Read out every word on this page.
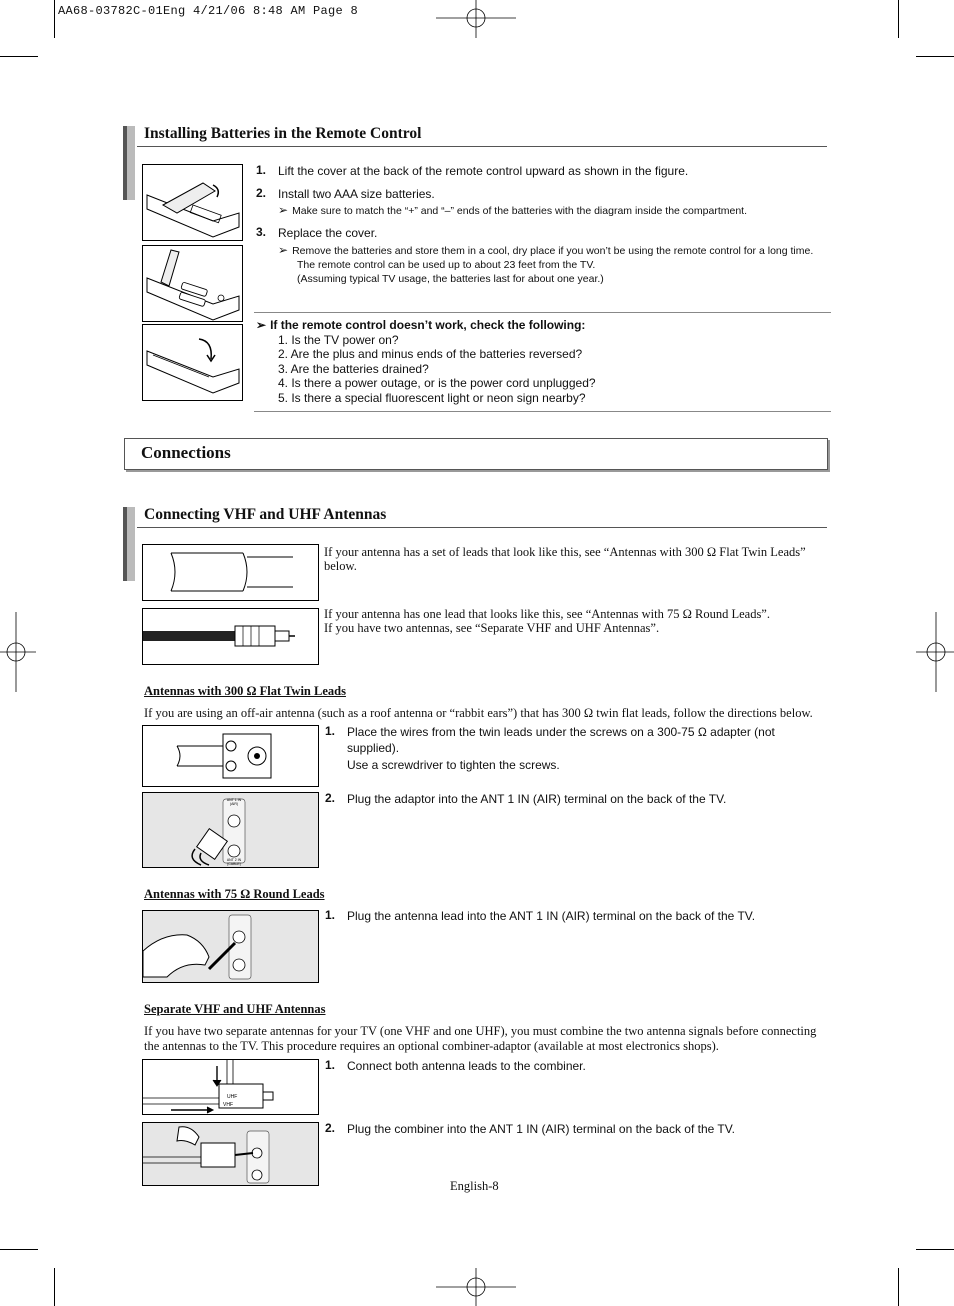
AA68-03782C-01Eng 4/21/06 8:48 AM Page 8
Installing Batteries in the Remote Control
1. Lift the cover at the back of the remote control upward as shown in the figure.
2. Install two AAA size batteries.
➢ Make sure to match the “+” and “–” ends of the batteries with the diagram inside the compartment.
3. Replace the cover.
➢ Remove the batteries and store them in a cool, dry place if you won’t be using the remote control for a long time.
The remote control can be used up to about 23 feet from the TV.
(Assuming typical TV usage, the batteries last for about one year.)
➢ If the remote control doesn’t work, check the following:
1. Is the TV power on?
2. Are the plus and minus ends of the batteries reversed?
3. Are the batteries drained?
4. Is there a power outage, or is the power cord unplugged?
5. Is there a special fluorescent light or neon sign nearby?
Connections
Connecting VHF and UHF Antennas
If your antenna has a set of leads that look like this, see “Antennas with 300 Ω Flat Twin Leads” below.
If your antenna has one lead that looks like this, see “Antennas with 75 Ω Round Leads”.
If you have two antennas, see “Separate VHF and UHF Antennas”.
Antennas with 300 Ω Flat Twin Leads
If you are using an off-air antenna (such as a roof antenna or “rabbit ears”) that has 300 Ω twin flat leads, follow the directions below.
1. Place the wires from the twin leads under the screws on a 300-75 Ω adapter (not supplied).
Use a screwdriver to tighten the screws.
ANT 1 IN
(AIR)
ANT 2 IN
(CABLE)
2. Plug the adaptor into the ANT 1 IN (AIR) terminal on the back of the TV.
Antennas with 75 Ω Round Leads
1. Plug the antenna lead into the ANT 1 IN (AIR) terminal on the back of the TV.
Separate VHF and UHF Antennas
If you have two separate antennas for your TV (one VHF and one UHF), you must combine the two antenna signals before connecting the antennas to the TV. This procedure requires an optional combiner-adaptor (available at most electronics shops).
UHF
VHF
1. Connect both antenna leads to the combiner.
2. Plug the combiner into the ANT 1 IN (AIR) terminal on the back of the TV.
English-8
